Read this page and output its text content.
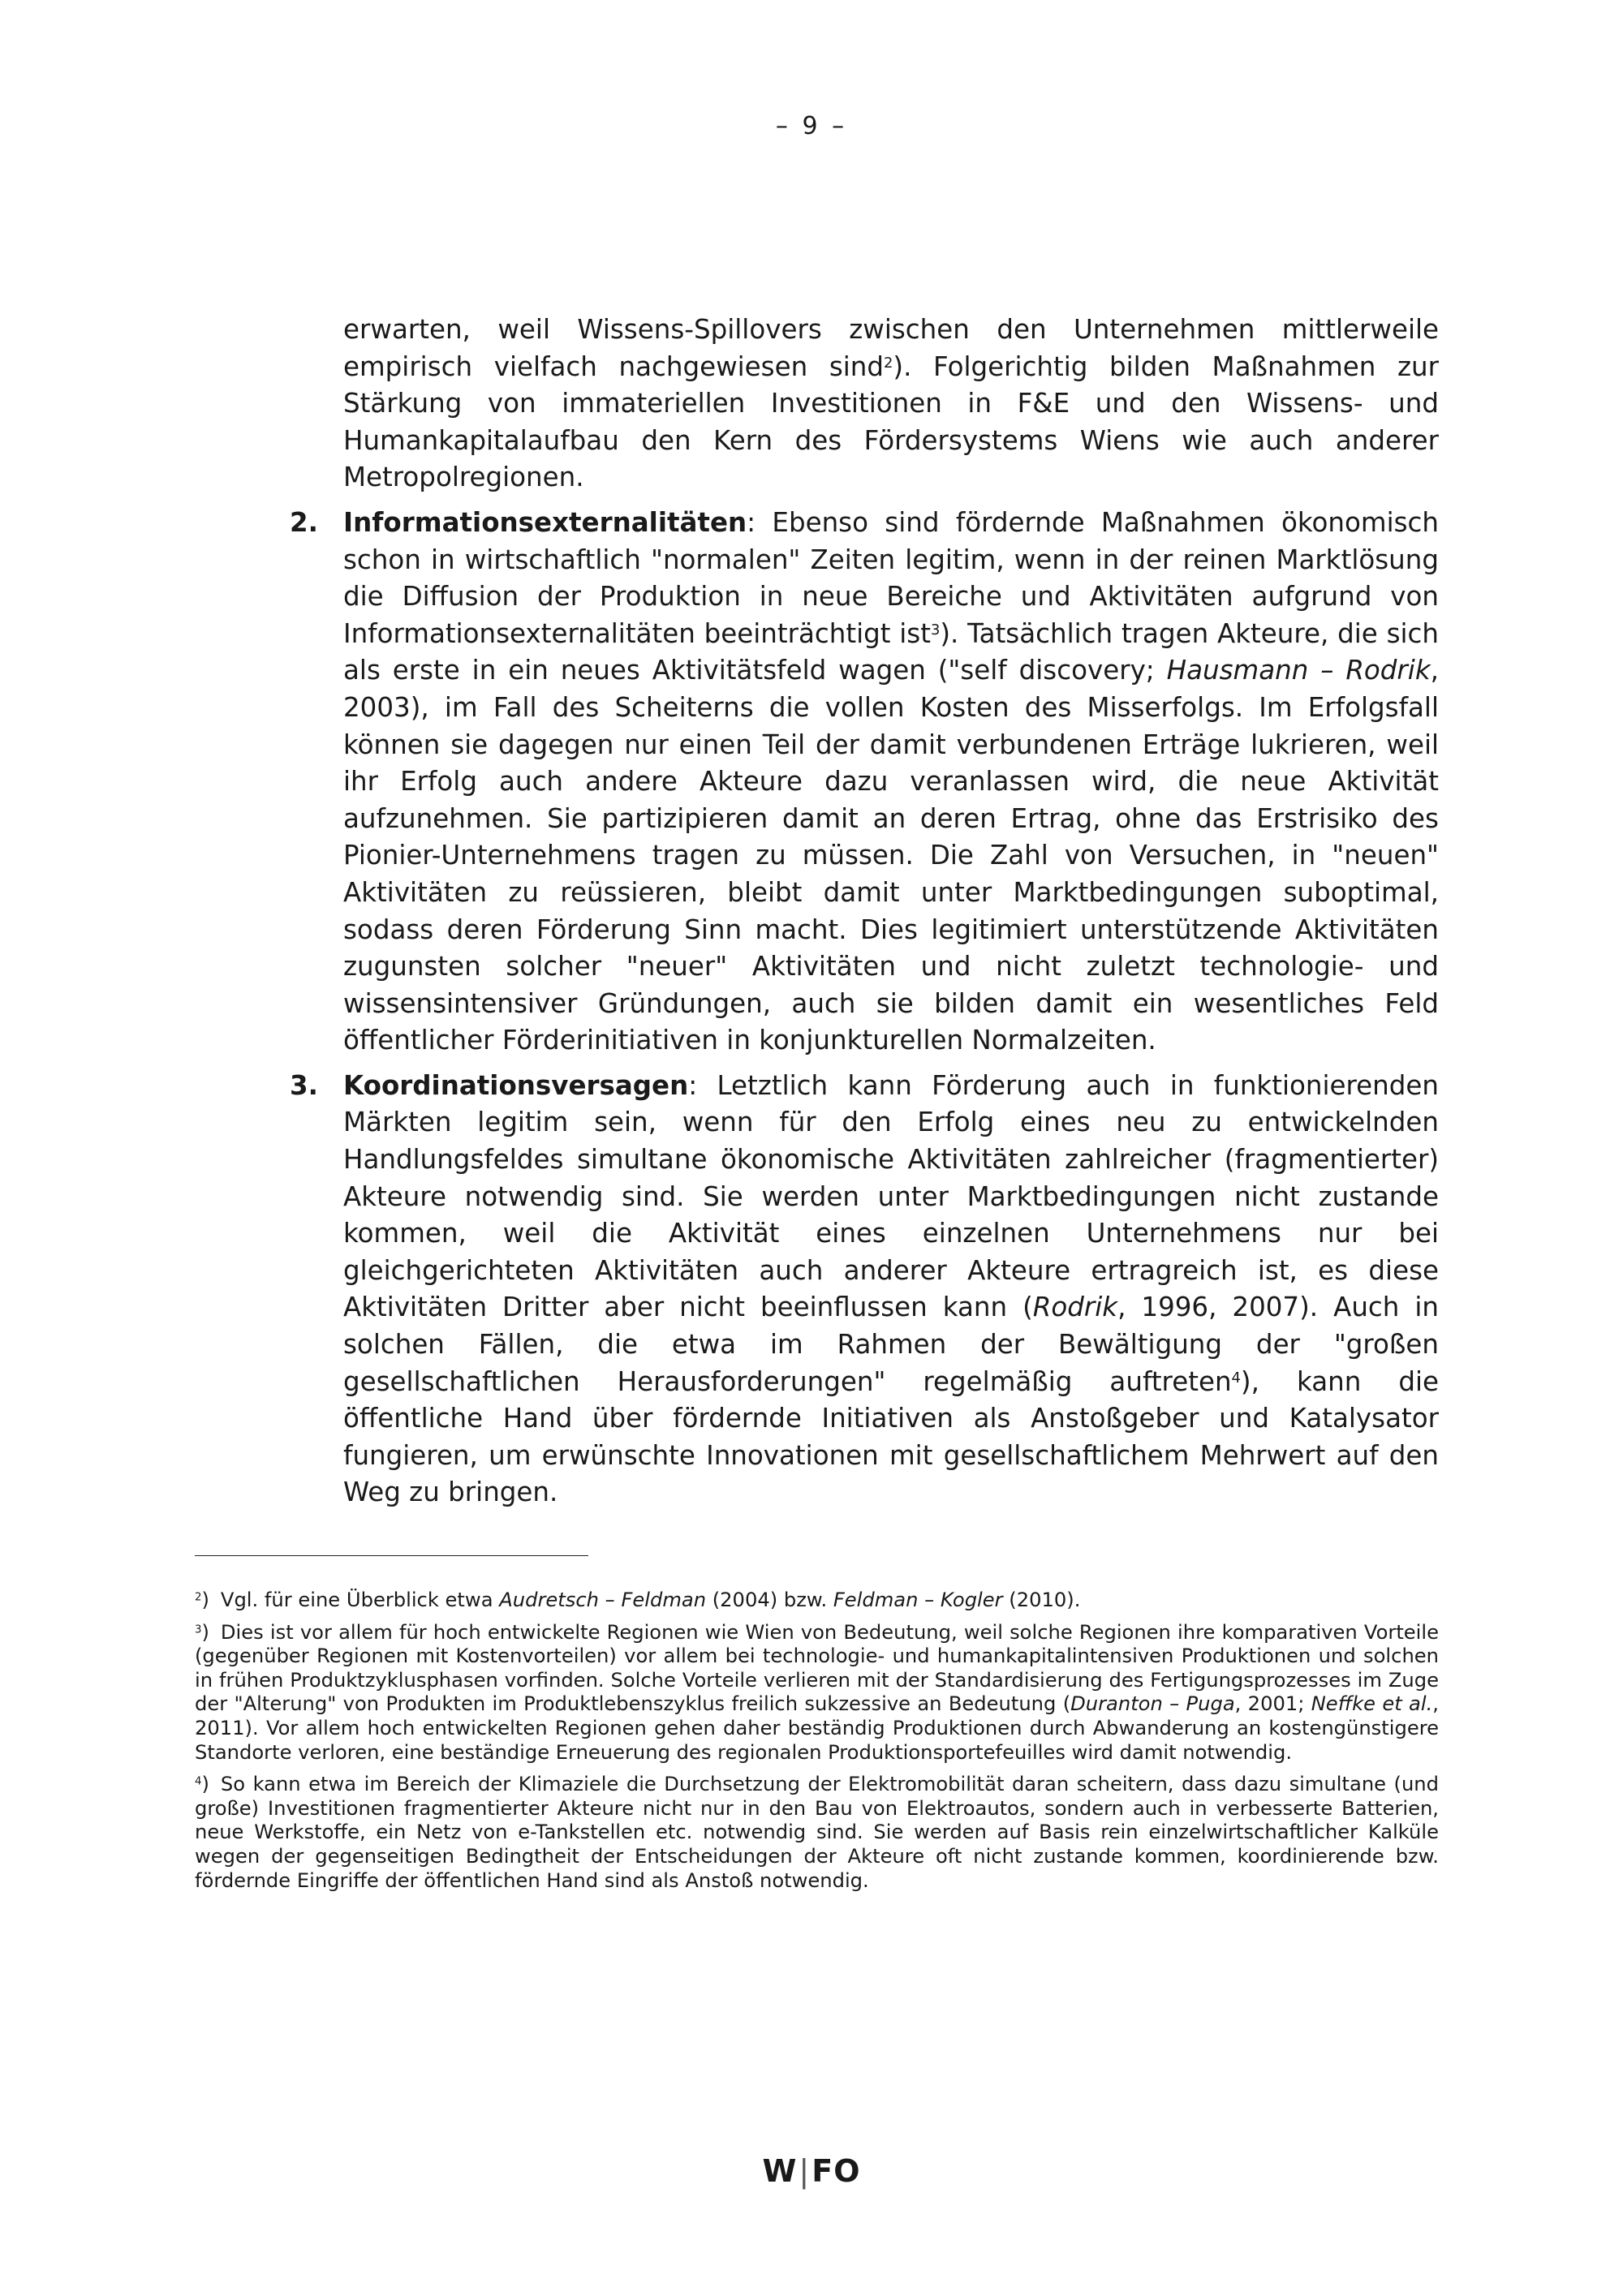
– 9 –

erwarten, weil Wissens-Spillovers zwischen den Unternehmen mittlerweile empirisch vielfach nachgewiesen sind$^2$). Folgerichtig bilden Maßnahmen zur Stärkung von immateriellen Investitionen in F&E und den Wissens- und Humankapitalaufbau den Kern des Fördersystems Wiens wie auch anderer Metropolregionen.

2. Informationsexternalitäten: Ebenso sind fördernde Maßnahmen ökonomisch schon in wirtschaftlich "normalen" Zeiten legitim, wenn in der reinen Marktlösung die Diffusion der Produktion in neue Bereiche und Aktivitäten aufgrund von Informationsexternalitäten beeinträchtigt ist$^3$). Tatsächlich tragen Akteure, die sich als erste in ein neues Aktivitätsfeld wagen ("self discovery; Hausmann – Rodrik, 2003), im Fall des Scheiterns die vollen Kosten des Misserfolgs. Im Erfolgsfall können sie dagegen nur einen Teil der damit verbundenen Erträge lukrieren, weil ihr Erfolg auch andere Akteure dazu veranlassen wird, die neue Aktivität aufzunehmen. Sie partizipieren damit an deren Ertrag, ohne das Erstrisiko des Pionier-Unternehmens tragen zu müssen. Die Zahl von Versuchen, in "neuen" Aktivitäten zu reüssieren, bleibt damit unter Marktbedingungen suboptimal, sodass deren Förderung Sinn macht. Dies legitimiert unterstützende Aktivitäten zugunsten solcher "neuer" Aktivitäten und nicht zuletzt technologie- und wissensintensiver Gründungen, auch sie bilden damit ein wesentliches Feld öffentlicher Förderinitiativen in konjunkturellen Normalzeiten.

3. Koordinationsversagen: Letztlich kann Förderung auch in funktionierenden Märkten legitim sein, wenn für den Erfolg eines neu zu entwickelnden Handlungsfeldes simultane ökonomische Aktivitäten zahlreicher (fragmentierter) Akteure notwendig sind. Sie werden unter Marktbedingungen nicht zustande kommen, weil die Aktivität eines einzelnen Unternehmens nur bei gleichgerichteten Aktivitäten auch anderer Akteure ertragreich ist, es diese Aktivitäten Dritter aber nicht beeinflussen kann (Rodrik, 1996, 2007). Auch in solchen Fällen, die etwa im Rahmen der Bewältigung der "großen gesellschaftlichen Herausforderungen" regelmäßig auftreten$^4$), kann die öffentliche Hand über fördernde Initiativen als Anstoßgeber und Katalysator fungieren, um erwünschte Innovationen mit gesellschaftlichem Mehrwert auf den Weg zu bringen.

$^2$) Vgl. für eine Überblick etwa Audretsch – Feldman (2004) bzw. Feldman – Kogler (2010).

$^3$) Dies ist vor allem für hoch entwickelte Regionen wie Wien von Bedeutung, weil solche Regionen ihre komparativen Vorteile (gegenüber Regionen mit Kostenvorteilen) vor allem bei technologie- und humankapitalintensiven Produktionen und solchen in frühen Produktzyklusphasen vorfinden. Solche Vorteile verlieren mit der Standardisierung des Fertigungsprozesses im Zuge der "Alterung" von Produkten im Produktlebenszyklus freilich sukzessive an Bedeutung (Duranton – Puga, 2001; Neffke et al., 2011). Vor allem hoch entwickelten Regionen gehen daher beständig Produktionen durch Abwanderung an kostengünstigere Standorte verloren, eine beständige Erneuerung des regionalen Produktionsportefeuilles wird damit notwendig.

$^4$) So kann etwa im Bereich der Klimaziele die Durchsetzung der Elektromobilität daran scheitern, dass dazu simultane (und große) Investitionen fragmentierter Akteure nicht nur in den Bau von Elektroautos, sondern auch in verbesserte Batterien, neue Werkstoffe, ein Netz von e-Tankstellen etc. notwendig sind. Sie werden auf Basis rein einzelwirtschaftlicher Kalküle wegen der gegenseitigen Bedingtheit der Entscheidungen der Akteure oft nicht zustande kommen, koordinierende bzw. fördernde Eingriffe der öffentlichen Hand sind als Anstoß notwendig.

W|FO
